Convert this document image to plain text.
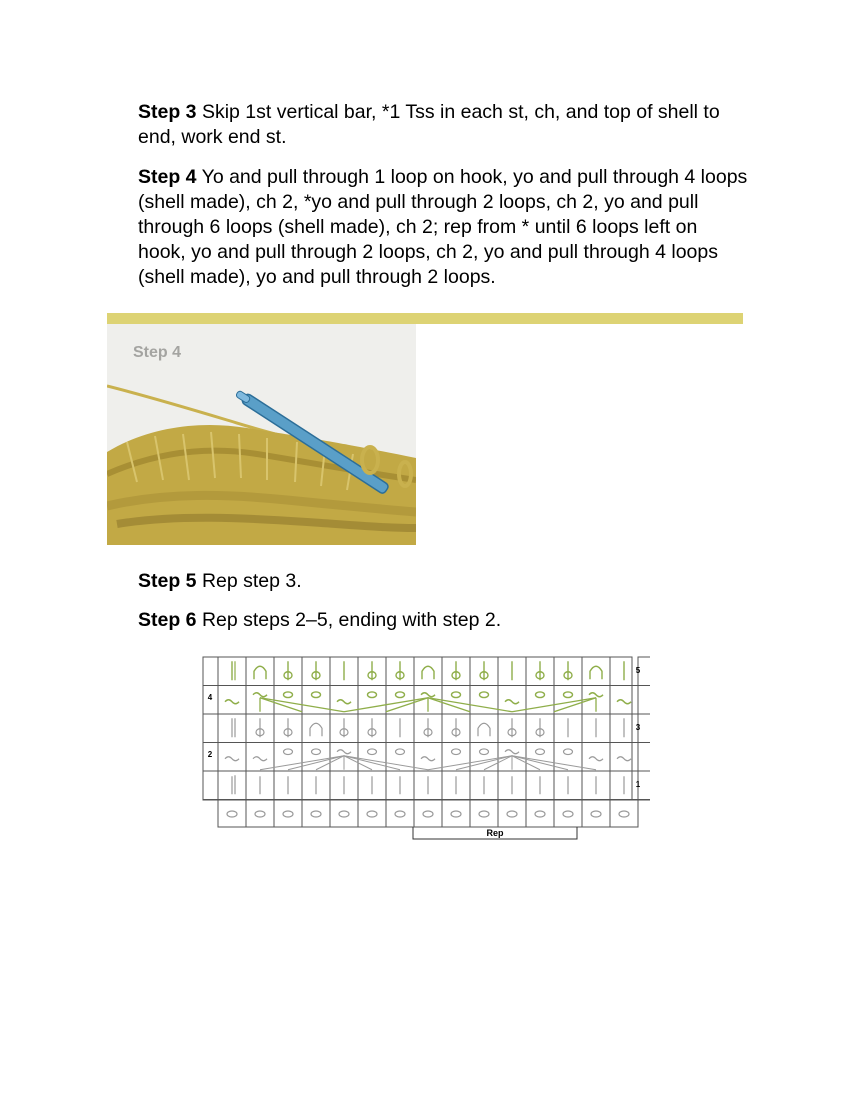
Step 3 Skip 1st vertical bar, *1 Tss in each st, ch, and top of shell to end, work end st.

Step 4 Yo and pull through 1 loop on hook, yo and pull through 4 loops (shell made), ch 2, *yo and pull through 2 loops, ch 2, yo and pull through 6 loops (shell made), ch 2; rep from * until 6 loops left on hook, yo and pull through 2 loops, ch 2, yo and pull through 4 loops (shell made), yo and pull through 2 loops.

Step 4

Step 5 Rep step 3.

Step 6 Rep steps 2–5, ending with step 2.

5
4
3
2
1
Rep
